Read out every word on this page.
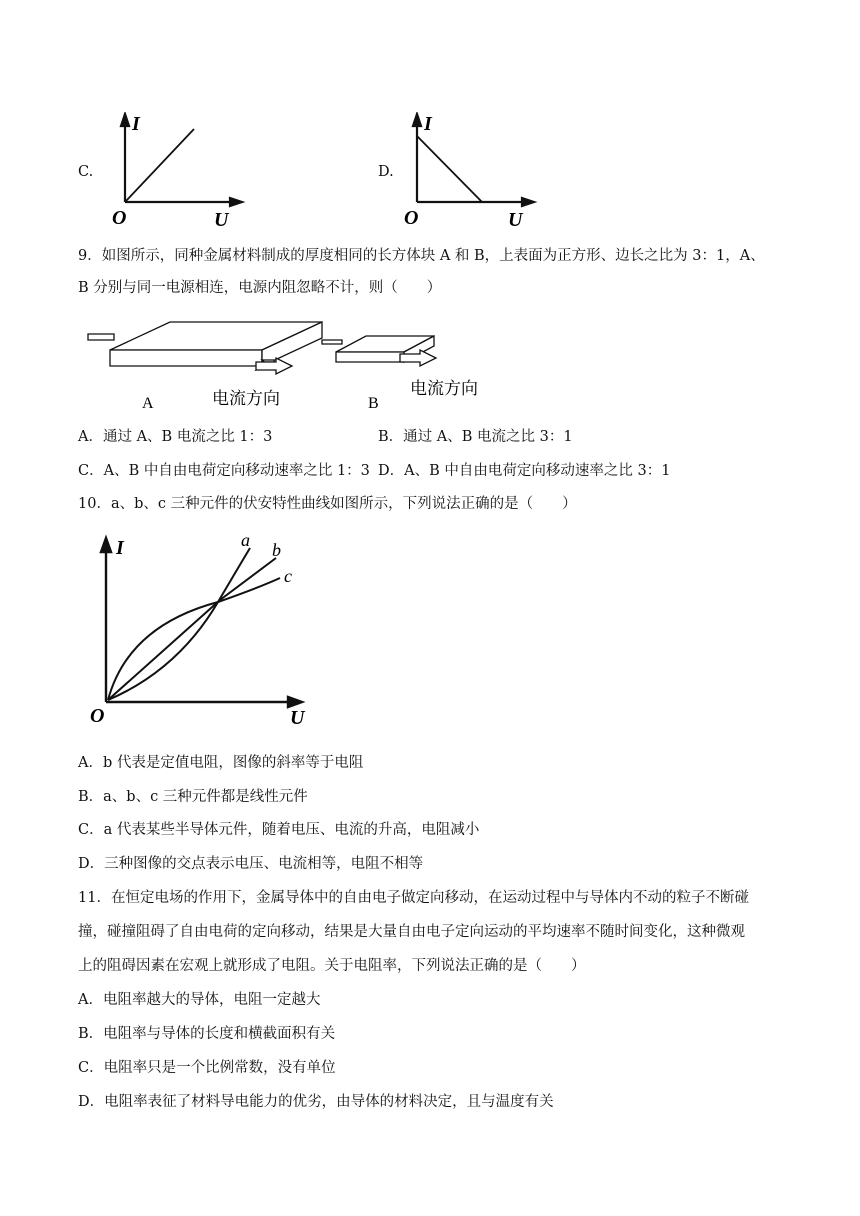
C.
I
O	U
D.
I
O	U
9．如图所示，同种金属材料制成的厚度相同的长方体块 A 和 B，上表面为正方形、边长之比为 3：1，A、
B 分别与同一电源相连，电源内阻忽略不计，则（　　）
A	电流方向	B
电流方向
A．通过 A、B 电流之比 1：3	B．通过 A、B 电流之比 3：1
C．A、B 中自由电荷定向移动速率之比 1：3 D．A、B 中自由电荷定向移动速率之比 3：1
10．a、b、c 三种元件的伏安特性曲线如图所示，下列说法正确的是（　　）
I
O	U
a b
c
A．b 代表是定值电阻，图像的斜率等于电阻
B．a、b、c 三种元件都是线性元件
C．a 代表某些半导体元件，随着电压、电流的升高，电阻减小
D．三种图像的交点表示电压、电流相等，电阻不相等
11．在恒定电场的作用下，金属导体中的自由电子做定向移动，在运动过程中与导体内不动的粒子不断碰
撞，碰撞阻碍了自由电荷的定向移动，结果是大量自由电子定向运动的平均速率不随时间变化，这种微观
上的阻碍因素在宏观上就形成了电阻。关于电阻率，下列说法正确的是（　　）
A．电阻率越大的导体，电阻一定越大
B．电阻率与导体的长度和横截面积有关
C．电阻率只是一个比例常数，没有单位
D．电阻率表征了材料导电能力的优劣，由导体的材料决定，且与温度有关
